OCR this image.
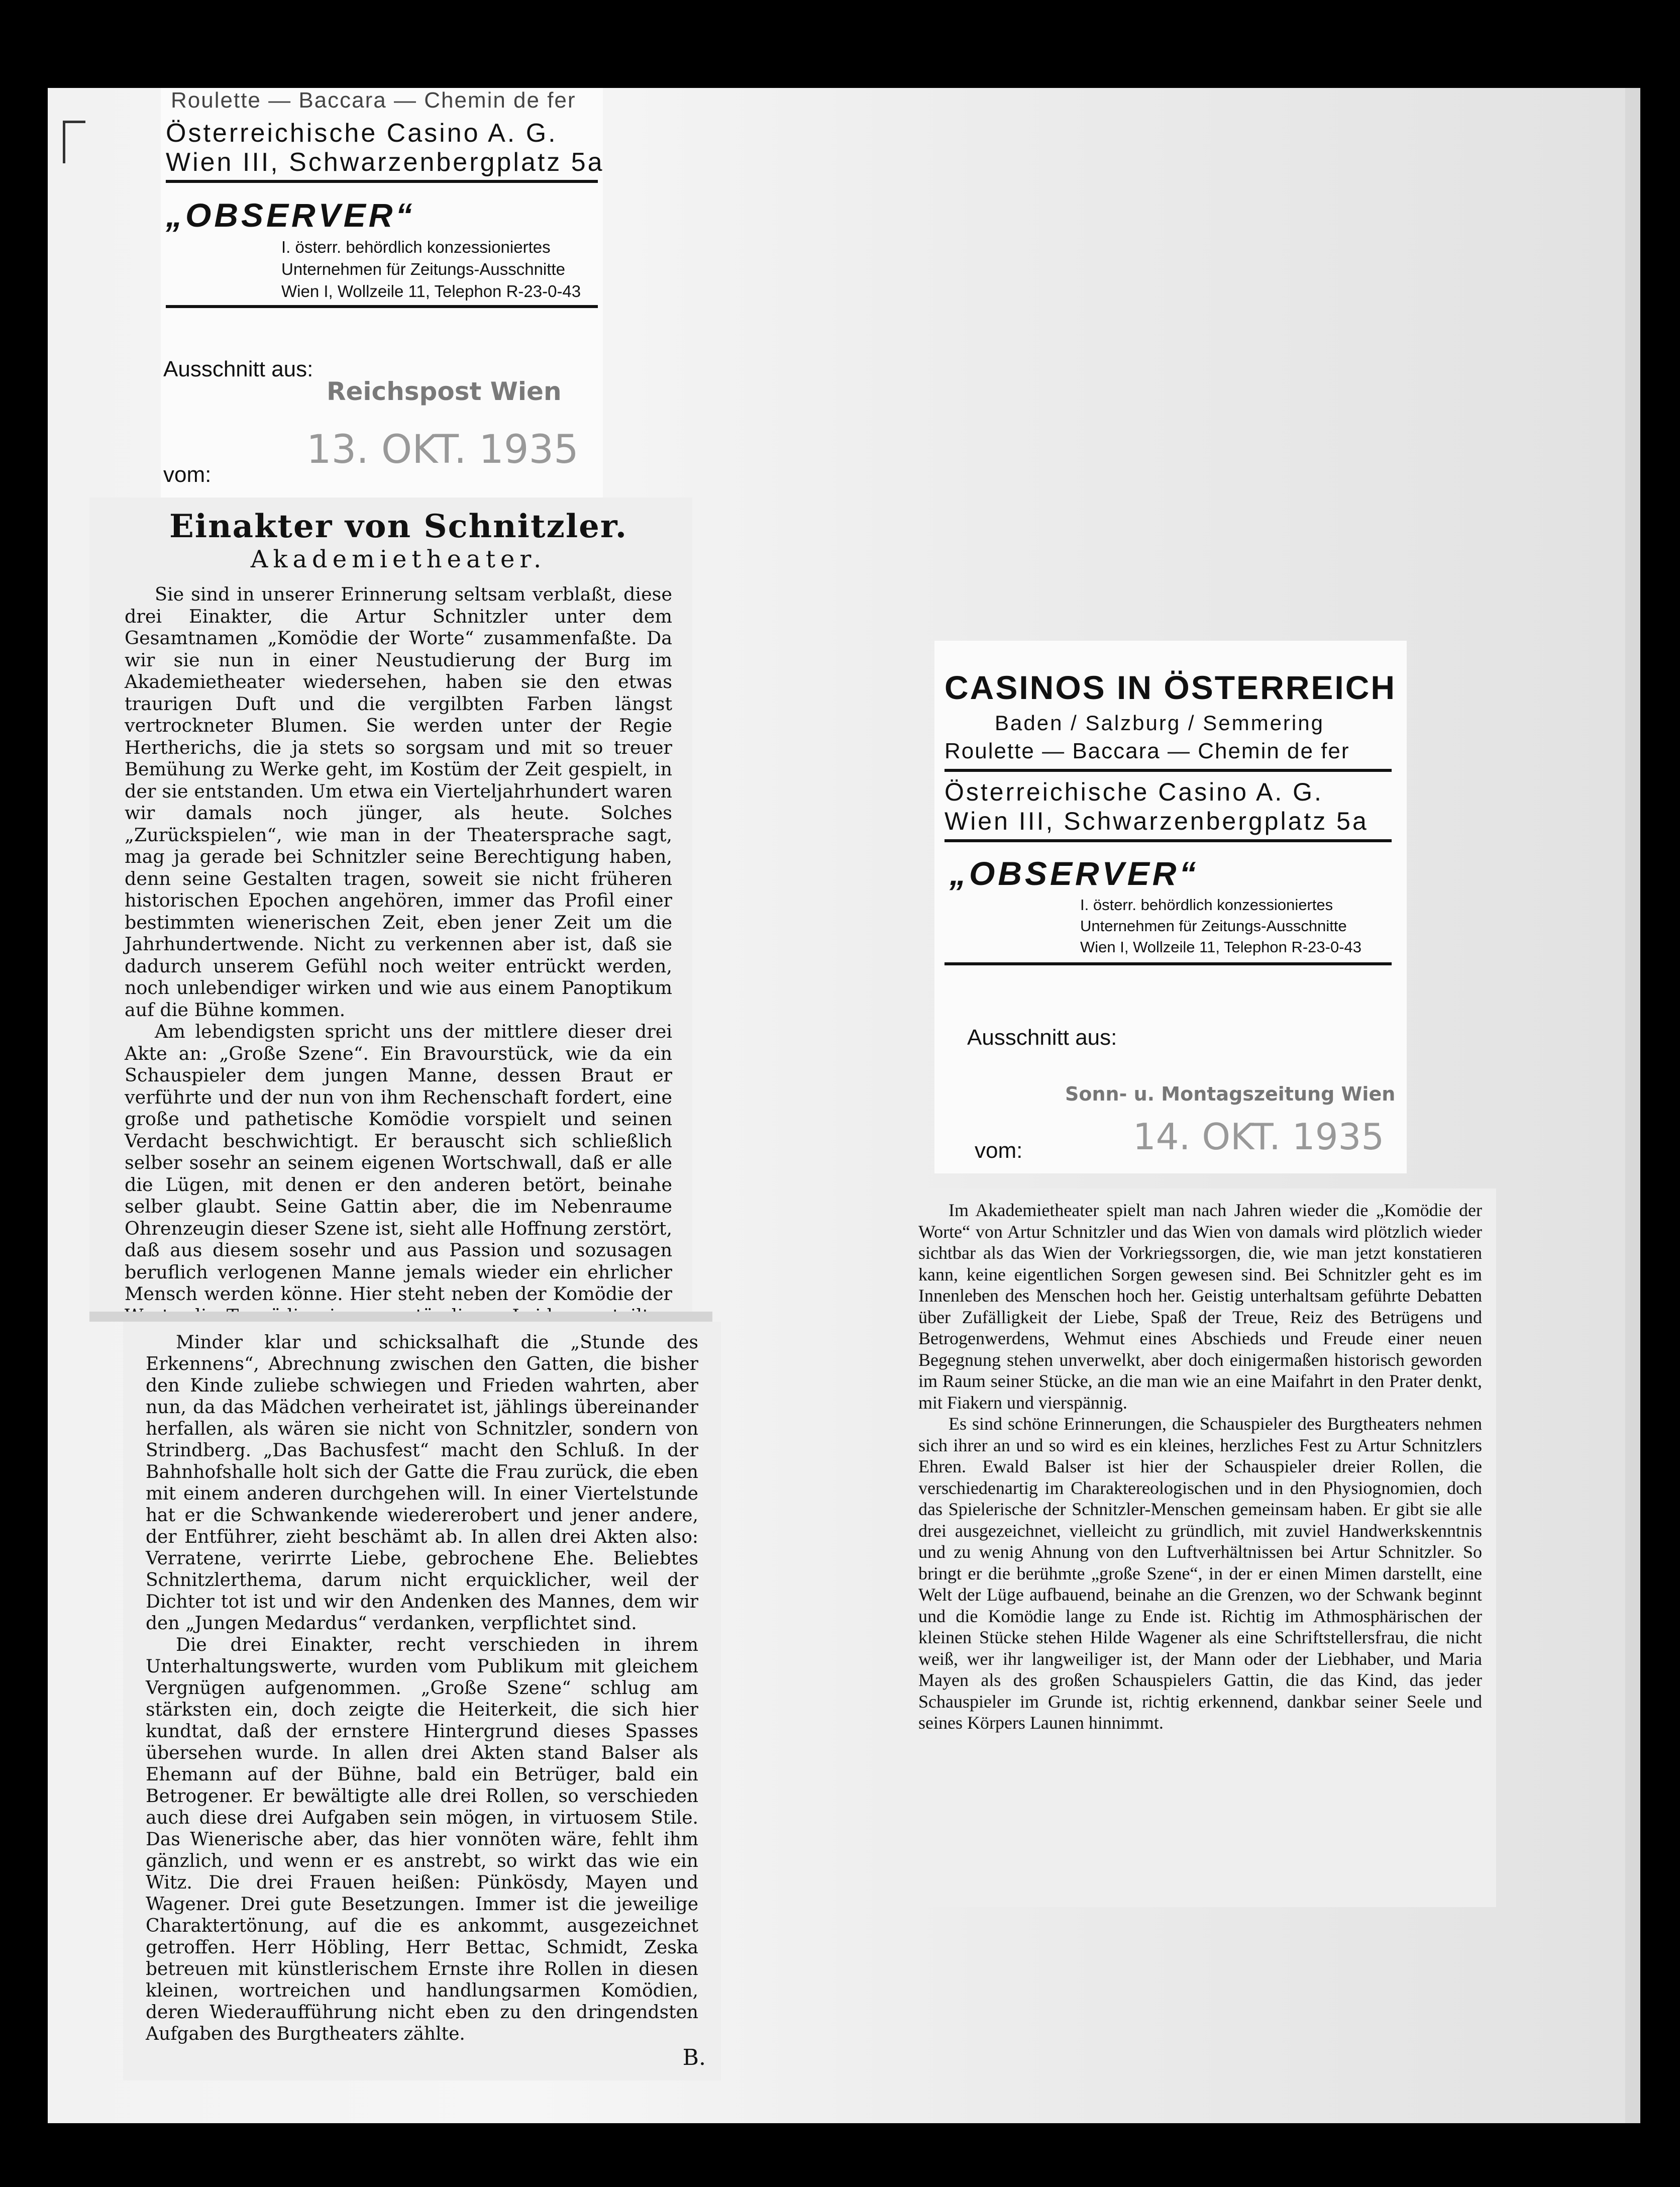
Roulette — Baccara — Chemin de fer
Österreichische Casino A. G.
Wien III, Schwarzenbergplatz 5a
„OBSERVER“
I. österr. behördlich konzessioniertes
Unternehmen für Zeitungs-Ausschnitte
Wien I, Wollzeile 11, Telephon R-23-0-43
Ausschnitt aus:
vom:
Reichspost Wien
13. OKT. 1935
Einakter von Schnitzler.
Akademietheater.

Sie sind in unserer Erinnerung seltsam verblaßt, diese drei Einakter, die Artur Schnitzler unter dem Gesamtnamen „Komödie der Worte“ zusammenfaßte. Da wir sie nun in einer Neustudierung der Burg im Akademietheater wiedersehen, haben sie den etwas traurigen Duft und die vergilbten Farben längst vertrockneter Blumen. Sie werden unter der Regie Hertherichs, die ja stets so sorgsam und mit so treuer Bemühung zu Werke geht, im Kostüm der Zeit gespielt, in der sie entstanden. Um etwa ein Vierteljahrhundert waren wir damals noch jünger, als heute. Solches „Zurückspielen“, wie man in der Theatersprache sagt, mag ja gerade bei Schnitzler seine Berechtigung haben, denn seine Gestalten tragen, soweit sie nicht früheren historischen Epochen angehören, immer das Profil einer bestimmten wienerischen Zeit, eben jener Zeit um die Jahrhundertwende. Nicht zu verkennen aber ist, daß sie dadurch unserem Gefühl noch weiter entrückt werden, noch unlebendiger wirken und wie aus einem Panoptikum auf die Bühne kommen.

Am lebendigsten spricht uns der mittlere dieser drei Akte an: „Große Szene“. Ein Bravourstück, wie da ein Schauspieler dem jungen Manne, dessen Braut er verführte und der nun von ihm Rechenschaft fordert, eine große und pathetische Komödie vorspielt und seinen Verdacht beschwichtigt. Er berauscht sich schließlich selber sosehr an seinem eigenen Wortschwall, daß er alle die Lügen, mit denen er den anderen betört, beinahe selber glaubt. Seine Gattin aber, die im Nebenraume Ohrenzeugin dieser Szene ist, sieht alle Hoffnung zerstört, daß aus diesem sosehr und aus Passion und sozusagen beruflich verlogenen Manne jemals wieder ein ehrlicher Mensch werden könne. Hier steht neben der Komödie der

Minder klar und schicksalhaft die „Stunde des Erkennens“, Abrechnung zwischen den Gatten, die bisher den Kinde zuliebe schwiegen und Frieden wahrten, aber nun, da das Mädchen verheiratet ist, jählings übereinander herfallen, als wären sie nicht von Schnitzler, sondern von Strindberg. „Das Bachusfest“ macht den Schluß. In der Bahnhofshalle holt sich der Gatte die Frau zurück, die eben mit einem anderen durchgehen will. In einer Viertelstunde hat er die Schwankende wiedererobert und jener andere, der Entführer, zieht beschämt ab. In allen drei Akten also: Verratene, verirrte Liebe, gebrochene Ehe. Beliebtes Schnitzlerthema, darum nicht erquicklicher, weil der Dichter tot ist und wir den Andenken des Mannes, dem wir den „Jungen Medardus“ verdanken, verpflichtet sind.

Die drei Einakter, recht verschieden in ihrem Unterhaltungswerte, wurden vom Publikum mit gleichem Vergnügen aufgenommen. „Große Szene“ schlug am stärksten ein, doch zeigte die Heiterkeit, die sich hier kundtat, daß der ernstere Hintergrund dieses Spasses übersehen wurde. In allen drei Akten stand Balser als Ehemann auf der Bühne, bald ein Betrüger, bald ein Betrogener. Er bewältigte alle drei Rollen, so verschieden auch diese drei Aufgaben sein mögen, in virtuosem Stile. Das Wienerische aber, das hier vonnöten wäre, fehlt ihm gänzlich, und wenn er es anstrebt, so wirkt das wie ein Witz. Die drei Frauen heißen: Pünkösdy, Mayen und Wagener. Drei gute Besetzungen. Immer ist die jeweilige Charaktertönung, auf die es ankommt, ausgezeichnet getroffen. Herr Höbling, Herr Bettac, Schmidt, Zeska betreuen mit künstlerischem Ernste ihre Rollen in diesen kleinen, wortreichen und handlungsarmen Komödien, deren Wiederaufführung nicht eben zu den dringendsten Aufgaben des Burgtheaters zählte.

B.
CASINOS IN ÖSTERREICH
Baden / Salzburg / Semmering
Roulette — Baccara — Chemin de fer
Österreichische Casino A. G.
Wien III, Schwarzenbergplatz 5a
„OBSERVER“
I. österr. behördlich konzessioniertes
Unternehmen für Zeitungs-Ausschnitte
Wien I, Wollzeile 11, Telephon R-23-0-43
Ausschnitt aus:
vom:
Sonn- u. Montagszeitung Wien
14. OKT. 1935

Im Akademietheater spielt man nach Jahren wieder die „Komödie der Worte“ von Artur Schnitzler und das Wien von damals wird plötzlich wieder sichtbar als das Wien der Vorkriegssorgen, die, wie man jetzt konstatieren kann, keine eigentlichen Sorgen gewesen sind. Bei Schnitzler geht es im Innenleben des Menschen hoch her. Geistig unterhaltsam geführte Debatten über Zufälligkeit der Liebe, Spaß der Treue, Reiz des Betrügens und Betrogenwerdens, Wehmut eines Abschieds und Freude einer neuen Begegnung stehen unverwelkt, aber doch einigermaßen historisch geworden im Raum seiner Stücke, an die man wie an eine Maifahrt in den Prater denkt, mit Fiakern und vierspännig.

Es sind schöne Erinnerungen, die Schauspieler des Burgtheaters nehmen sich ihrer an und so wird es ein kleines, herzliches Fest zu Artur Schnitzlers Ehren. Ewald Balser ist hier der Schauspieler dreier Rollen, die verschiedenartig im Charaktereologischen und in den Physiognomien, doch das Spielerische der Schnitzler-Menschen gemeinsam haben. Er gibt sie alle drei ausgezeichnet, vielleicht zu gründlich, mit zuviel Handwerkskenntnis und zu wenig Ahnung von den Luftverhältnissen bei Artur Schnitzler. So bringt er die berühmte „große Szene“, in der er einen Mimen darstellt, eine Welt der Lüge aufbauend, beinahe an die Grenzen, wo der Schwank beginnt und die Komödie lange zu Ende ist. Richtig im Athmosphärischen der kleinen Stücke stehen Hilde Wagener als eine Schriftstellersfrau, die nicht weiß, wer ihr langweiliger ist, der Mann oder der Liebhaber, und Maria Mayen als des großen Schauspielers Gattin, die das Kind, das jeder Schauspieler im Grunde ist, richtig erkennend, dankbar seiner Seele und seines Körpers Launen hinnimmt.
